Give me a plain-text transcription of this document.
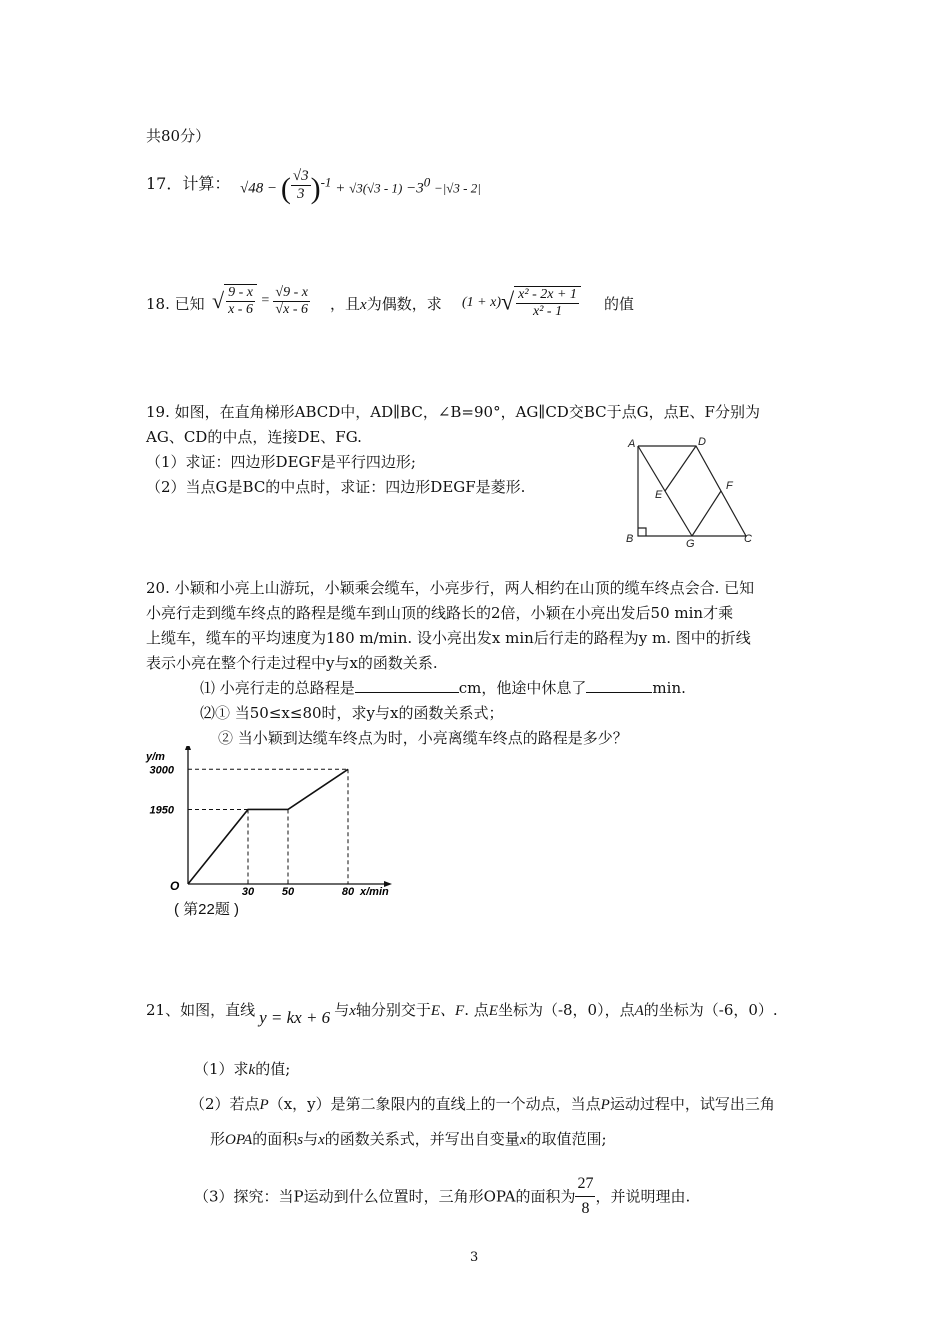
共80分）
17．计算： √48 − ( $\frac{√3}{3} )^{-1} + √3(√3 - 1) -3^0 -|√3 - 2|$
18. 已知 √ $\frac{9 - x}{x - 6} = \frac{√9 - x}{√x - 6}$ ，且x为偶数，求 $(1 + x)√ \frac{\text{x² - 2x + 1}}{\text{x² - 1}}$ 的值
19. 如图，在直角梯形ABCD中，AD∥BC，∠B=90°，AG∥CD交BC于点G，点E、F分别为
AG、CD的中点，连接DE、FG.
（1）求证：四边形DEGF是平行四边形;
（2）当点G是BC的中点时，求证：四边形DEGF是菱形.
A	D
E
F
B	G	C
20. 小颖和小亮上山游玩，小颖乘会缆车，小亮步行，两人相约在山顶的缆车终点会合. 已知
小亮行走到缆车终点的路程是缆车到山顶的线路长的2倍，小颖在小亮出发后50 min才乘
上缆车，缆车的平均速度为180 m/min. 设小亮出发x min后行走的路程为y m. 图中的折线
表示小亮在整个行走过程中y与x的函数关系.
⑴ 小亮行走的总路程是	cm，他途中休息了	min.
⑵① 当50≤x≤80时，求y与x的函数关系式；
② 当小颖到达缆车终点为时，小亮离缆车终点的路程是多少？
30	50	80
1950
3000
O	x/min
y/m
( 第22题 )
21、如图，直线 y = kx + 6 与x轴分别交于E、F. 点E坐标为（-8，0），点A的坐标为（-6，0）.
（1）求k的值;
（2）若点P（x，y）是第二象限内的直线上的一个动点，当点P运动过程中，试写出三角
形OPA的面积s与x的函数关系式，并写出自变量x的取值范围;
（3）探究：当P运动到什么位置时，三角形OPA的面积为 $\frac{27}{8}$ ，并说明理由.
3
